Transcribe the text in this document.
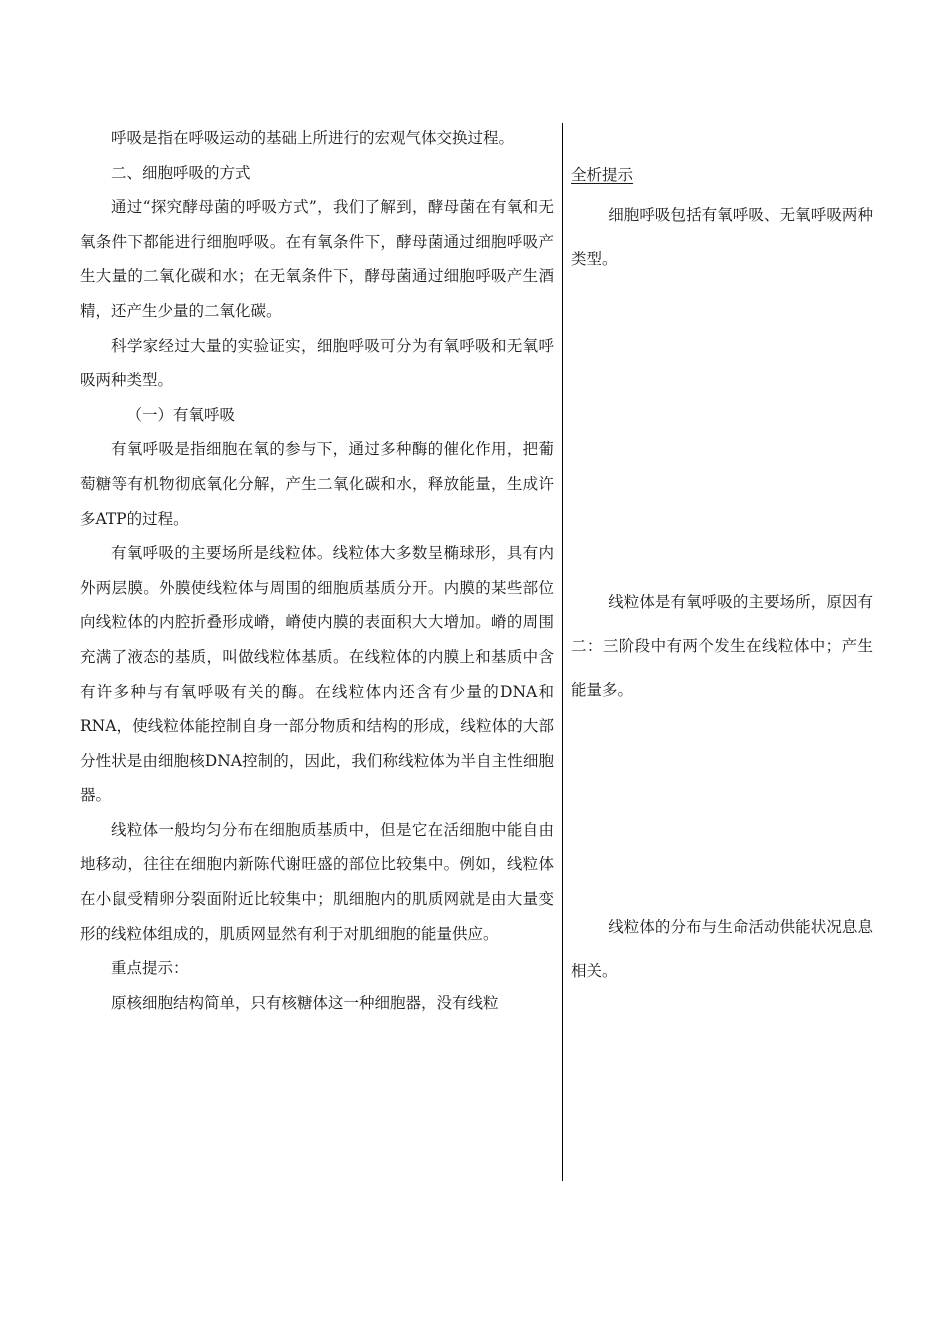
呼吸是指在呼吸运动的基础上所进行的宏观气体交换过程。

二、细胞呼吸的方式

通过“探究酵母菌的呼吸方式”，我们了解到，酵母菌在有氧和无氧条件下都能进行细胞呼吸。在有氧条件下，酵母菌通过细胞呼吸产生大量的二氧化碳和水；在无氧条件下，酵母菌通过细胞呼吸产生酒精，还产生少量的二氧化碳。

科学家经过大量的实验证实，细胞呼吸可分为有氧呼吸和无氧呼吸两种类型。

（一）有氧呼吸

有氧呼吸是指细胞在氧的参与下，通过多种酶的催化作用，把葡萄糖等有机物彻底氧化分解，产生二氧化碳和水，释放能量，生成许多ATP的过程。

有氧呼吸的主要场所是线粒体。线粒体大多数呈椭球形，具有内外两层膜。外膜使线粒体与周围的细胞质基质分开。内膜的某些部位向线粒体的内腔折叠形成嵴，嵴使内膜的表面积大大增加。嵴的周围充满了液态的基质，叫做线粒体基质。在线粒体的内膜上和基质中含有许多种与有氧呼吸有关的酶。在线粒体内还含有少量的DNA和RNA，使线粒体能控制自身一部分物质和结构的形成，线粒体的大部分性状是由细胞核DNA控制的，因此，我们称线粒体为半自主性细胞器。

线粒体一般均匀分布在细胞质基质中，但是它在活细胞中能自由地移动，往往在细胞内新陈代谢旺盛的部位比较集中。例如，线粒体在小鼠受精卵分裂面附近比较集中；肌细胞内的肌质网就是由大量变形的线粒体组成的，肌质网显然有利于对肌细胞的能量供应。

重点提示：

原核细胞结构简单，只有核糖体这一种细胞器，没有线粒

全析提示

细胞呼吸包括有氧呼吸、无氧呼吸两种类型。

线粒体是有氧呼吸的主要场所，原因有二：三阶段中有两个发生在线粒体中；产生能量多。

线粒体的分布与生命活动供能状况息息相关。
